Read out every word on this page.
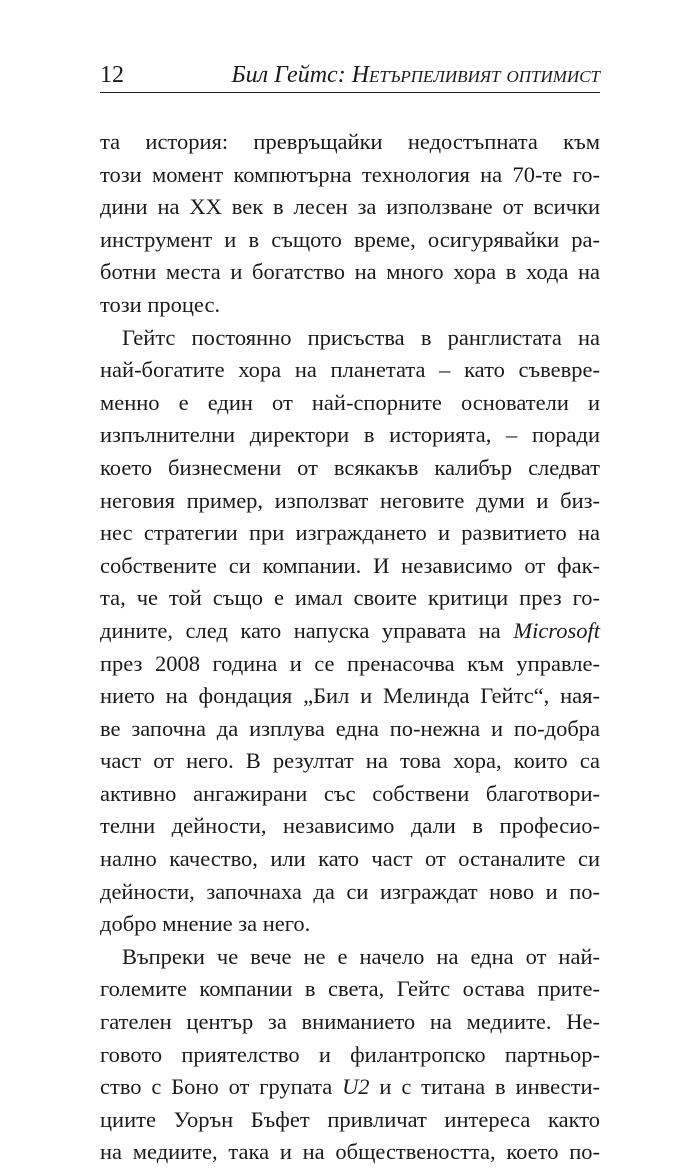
12	Бил Гейтс: Нетърпеливият оптимист
та история: превръщайки недостъпната към
този момент компютърна технология на 70-те го-
дини на XX век в лесен за използване от всички
инструмент и в същото време, осигурявайки ра-
ботни места и богатство на много хора в хода на
този процес.
Гейтс постоянно присъства в ранглистата на
най-богатите хора на планетата – като съвевре-
менно е един от най-спорните основатели и
изпълнителни директори в историята, – поради
което бизнесмени от всякакъв калибър следват
неговия пример, използват неговите думи и биз-
нес стратегии при изграждането и развитието на
собствените си компании. И независимо от фак-
та, че той също е имал своите критици през го-
дините, след като напуска управата на Microsoft
през 2008 година и се пренасочва към управле-
нието на фондация „Бил и Мелинда Гейтс“, ная-
ве започна да изплува една по-нежна и по-добра
част от него. В резултат на това хора, които са
активно ангажирани със собствени благотвори-
телни дейности, независимо дали в професио-
нално качество, или като част от останалите си
дейности, започнаха да си изграждат ново и по-
добро мнение за него.
Въпреки че вече не е начело на една от най-
големите компании в света, Гейтс остава прите-
гателен център за вниманието на медиите. Не-
говото приятелство и филантропско партньор-
ство с Боно от групата U2 и с титана в инвести-
циите Уорън Бъфет привличат интереса както
на медиите, така и на обществеността, което по-
